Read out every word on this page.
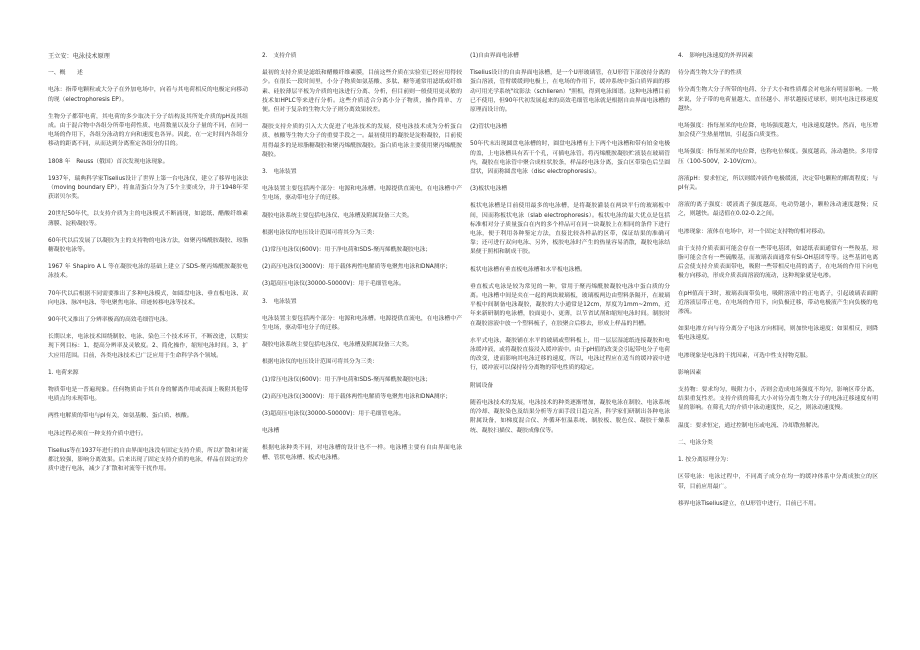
王立安：电泳技术原理

一、概　　述

电泳：指带电颗粒或大分子在外加电场中，向着与其电荷相反的电极定向移动的现（electrophoresis EP）。

生物分子都带电荷，其电荷的多少取决于分子结构及其所处介质的pH及其组成。由于混合物中各组分所带电荷性质、电荷数量以及分子量的不同，在同一电场的作用下，各组分泳动的方向和速度也各异。因此，在一定时间内各组分移动的距离不同，从而达到分离鉴定各组分的目的。

1808 年　Reuss（俄国）首次发现电泳现象。

1937年，瑞典科学家Tiselius设计了世界上第一台电泳仪，建立了移界电泳法（moving boundary EP），将血清蛋白分为了5个主要成分，并于1948年荣获诺贝尔奖。

20世纪50年代，以支持介质为主的电泳模式不断涌现，如滤纸、醋酸纤维素薄膜、淀粉凝胶等。

60年代以后发展了以凝胶为主的支持物的电泳方法，如聚丙烯酰胺凝胶、琼脂糖凝胶电泳等。

1967 年 Shapiro A L 等在凝胶电泳的基础上建立了SDS-聚丙烯酰胺凝胶电泳技术。

70年代以后根据不同需要推出了多种电泳模式，如圆盘电泳、垂直板电泳、双向电泳、脉冲电泳、等电聚焦电泳、印迹转移电泳等技术。

90年代又推出了分辨率极高的高效毛细管电泳。

长期以来，电泳技术围绕制胶、电泳、染色三个技术环节，不断改进，以期实现下列目标：1、提高分辨率及灵敏度。2、简化操作，缩短电泳时间。3、扩大应用范围。目前，各类电泳技术已广泛应用于生命科学各个领域。

1. 电荷来源

物质带电是一普遍现象。任何物质由于其自身的解离作用或表面上吸附其他带电质点均未现带电。

两性电解质的带电与pI有关，如氨基酸、蛋白质、核酸。

电泳过程必须在一种支持介质中进行。

Tiselius等在1937年进行的自由界面电泳没有固定支持介质，所以扩散和对流都比较强，影响分离效果。后来出现了固定支持介质的电泳，样品在固定的介质中进行电泳，减少了扩散和对流等干扰作用。

2.　支持介质

最初的支持介质是滤纸和醋酸纤维素膜，目前这些介质在实验室已经应用得较少。在很长一段时间里，小分子物质如氨基酸、多肽、糖等通常用滤纸或纤维素、硅胶薄层平板为介质的电泳进行分离、分析，但目前则一般使用更灵敏的技术如HPLC等来进行分析。这些介质适合分离小分子物质，操作简单、方便。但对于复杂的生物大分子则分离效果较差。

凝胶支持介质的引入大大促进了电泳技术的发展，使电泳技术成为分析蛋白质、核酸等生物大分子的重要手段之一。最初使用的凝胶是淀粉凝胶，目前使用得最多的是琼脂糖凝胶和聚丙烯酰胺凝胶。蛋白质电泳主要使用聚丙烯酰胺凝胶。

3.　电泳装置

电泳装置主要包括两个部分：电源和电泳槽。电源提供直流电，在电泳槽中产生电场，驱动带电分子的迁移。

凝胶电泳系统主要包括电泳仪、电泳槽及附属设备三大类。

根据电泳仪的电压设计范围可将其分为三类：

(1)常压电泳仪(600V)：用于净电荷和SDS-聚丙烯酰胺凝胶电泳；

(2)高压电泳仪(3000V)：用于载体两性电解质等电聚焦电泳和DNA测序；

(3)超高压电泳仪(30000-50000V)：用于毛细管电泳。

3.　电泳装置

电泳装置主要包括两个部分：电源和电泳槽。电源提供直流电，在电泳槽中产生电场，驱动带电分子的迁移。

凝胶电泳系统主要包括电泳仪、电泳槽及附属设备三大类。

根据电泳仪的电压设计范围可将其分为三类：

(1)常压电泳仪(600V)：用于净电荷和SDS-聚丙烯酰胺凝胶电泳；

(2)高压电泳仪(3000V)：用于载体两性电解质等电聚焦电泳和DNA测序；

(3)超高压电泳仪(30000-50000V)：用于毛细管电泳。

电泳槽

根据电泳种类不同，对电泳槽的设计也不一样。电泳槽主要有自由界面电泳槽、管状电泳槽、板式电泳槽。

(1)自由界面电泳槽

Tiselius设计的自由界面电泳槽，是一个U形玻璃管，在U形管下部放待分离的蛋白溶液，管臂缓缓到电极上，在电场的作用下，缓冲系统中蛋白质界面的移动可用光学系统"纹影法（schlieren）"照相，得到电泳图谱。这种电泳槽目前已不使用，但90年代初发展起来的高效毛细管电泳就是根据自由界面电泳槽的原理而设计的。

(2)管状电泳槽

50年代末出现圆盘电泳槽的时，圆盘电泳槽有上下两个电泳槽和带有铂金电极的盖，上电泳槽具有若干个孔，可插电泳管。将丙烯酰胺凝胶贮液装在玻璃管内，凝胶在电泳管中聚合成柱状胶条，样品经电泳分离，蛋白区带染色后呈圆盘状，因而称圆盘电泳（disc electrophoresis）。

(3)板状电泳槽

板状电泳槽是目前使用最多的电泳槽，是将凝胶灌装在两块平行的玻璃板中间，因而称板状电泳（slab electrophoresis）。板状电泳的最大优点是包括标准相对分子质量蛋白在内的多个样品可在同一块凝胶上在相同的条件下进行电泳，便于利用各种鉴定方法，直接比较各样品的区带，保证结果的准确可靠；还可进行双向电泳、另外，板胶电泳时产生的热量容易消散，凝胶电泳结果便于照相和制成干胶。

板状电泳槽有垂直板电泳槽和水平板电泳槽。

垂直板式电泳是较为常见的一种，常用于聚丙烯酰胺凝胶电泳中蛋白质的分离。电泳槽中间是夹在一起的两块玻璃板，玻璃板两边由塑料条隔开，在玻璃平板中间制备电泳凝胶，凝胶的大小通常是12cm，厚度为1mm~2mm，近年来新研制的电泳槽，胶面更小、更薄，以节省试剂和缩短电泳时间。制胶时在凝胶溶液中放一个塑料梳子，在胶聚合后移去，形成上样品的凹槽。

水平式电泳，凝胶铺在水平的玻璃或塑料板上，用一层层湿滤纸连接凝胶和电泳缓冲液，或将凝胶直接浸入缓冲液中。由于pH值的改变会引起带电分子电荷的改变，进而影响其电泳迁移的速度，所以，电泳过程应在适当的缓冲液中进行，缓冲液可以保持待分离物的带电性质的稳定。

附属设备

随着电泳技术的发展，电泳技术的种类逐渐增加，凝胶电泳在制胶、电泳系统的冷却、凝胶染色及结果分析等方面手段日趋完善，科学家们研制出各种电泳附属设备，如梯度混合仪、外循环恒温系统、制胶板、脱色仪、凝胶干燥系统、凝胶扫描仪、凝胶成像仪等。

4.　影响电泳速度的外界因素

待分离生物大分子的性质

待分离生物大分子所带的电荷、分子大小和性质都会对电泳有明显影响。一般来说，分子带的电荷量越大、直径越小、形状越接近球形，则其电泳迁移速度越快。

电场强度：指每厘米的电位降，电场强度越大，电泳速度越快。然而，电压增加会使产生热量增加，引起蛋白质变性。

电场强度：指每厘米的电位降，也称电位梯度。强度越高，泳动越快。多用常压（100-500V，2-10V/cm）。

溶液pH：要求恒定，所以则缓冲液作电极缓液，决定带电颗粒的解离程度；与pI有关。

溶液的离子强度：缓液离子强度越高，电动势越小，颗粒泳动速度越慢；反之，则越快。最适值在0.02-0.2之间。

电渗现象：液体在电场中，对一个固定支持物的相对移动。

由于支持介质表面可能会存在一些带电基团，如滤纸表面通常有一些羧基，琼脂可能会含有一些硫酸基，而玻璃表面通常有Si-OH基团等等。这些基团电离后会使支持介质表面带电，吸附一些带相反电荷的离子，在电场的作用下向电极方向移动，形成介质表面溶液的流动，这种现象就是电渗。

在pH值高于3时，玻璃表面带负电，吸附溶液中的正电离子，引起玻璃表面附近溶液层带正电，在电场的作用下，向负极迁移，带动电极液产生向负极的电渗流。

如果电渗方向与待分离分子电泳方向相同，则加快电泳速度；如果相反，则降低电泳速度。

电渗现象是电泳的干扰因素，可选中性支持物克服。

影响因素

支持物：要求均匀，吸附力小，否则会造成电场强度不均匀，影响区带分离，结果重复性差。支持介质的筛孔大小对待分离生物大分子的电泳迁移速度有明显的影响。在筛孔大的介质中泳动速度快，反之，则泳动速度慢。

温度：要求恒定，通过控制电压或电流、冷却散热解决。

二、电泳分类

1. 按分离原理分为：

区带电泳：电泳过程中，不同离子成分在均一的缓冲体系中分离成独立的区带，目前应用最广。

移界电泳Tiselius建立，在U形管中进行，目前已不用。
